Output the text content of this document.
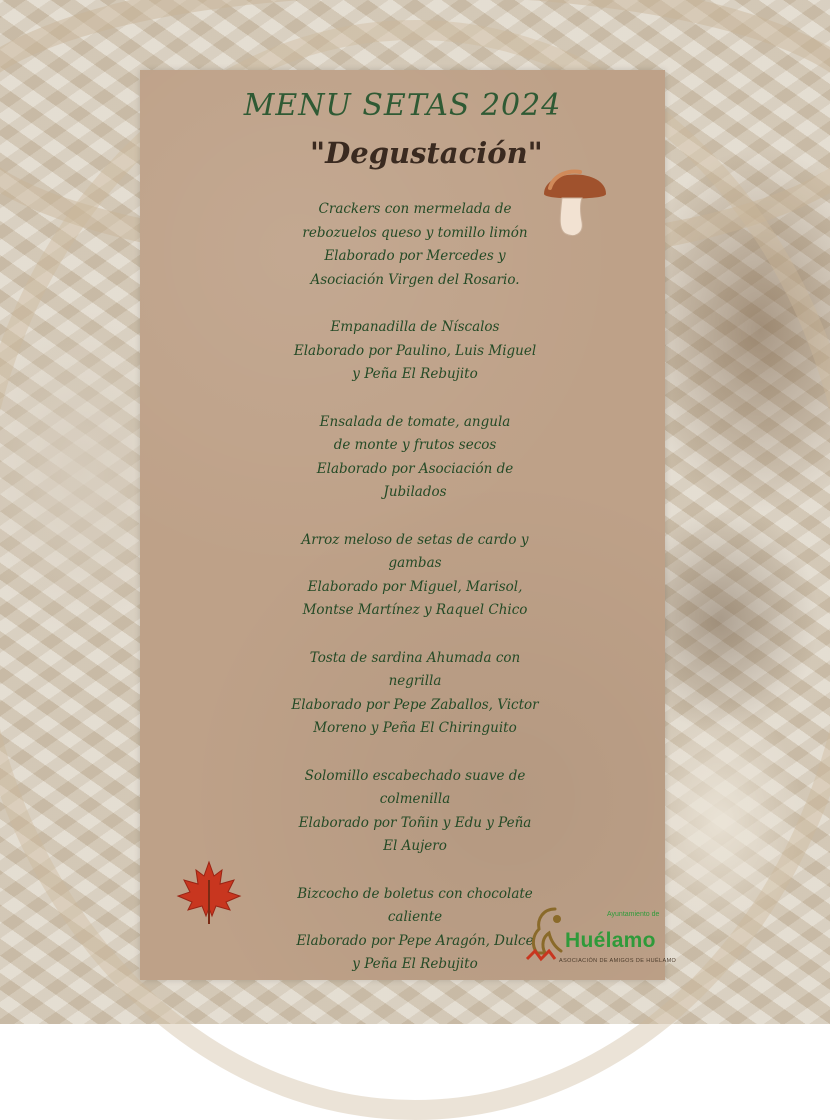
MENU SETAS 2024
"Degustación"
Crackers con mermelada de
rebozuelos queso y tomillo limón
Elaborado por Mercedes y
Asociación Virgen del Rosario.
Empanadilla de Níscalos
Elaborado por Paulino, Luis Miguel
y Peña El Rebujito
Ensalada de tomate, angula
de monte y frutos secos
Elaborado por Asociación de
Jubilados
Arroz meloso de setas de cardo y
gambas
Elaborado por Miguel, Marisol,
Montse Martínez y Raquel Chico
Tosta de sardina Ahumada con
negrilla
Elaborado por Pepe Zaballos, Victor
Moreno y Peña El Chiringuito
Solomillo escabechado suave de
colmenilla
Elaborado por Toñin y Edu y Peña
El Aujero
Bizcocho de boletus con chocolate
caliente
Elaborado por Pepe Aragón, Dulce
y Peña El Rebujito
Ayuntamiento de
Huélamo
ASOCIACIÓN DE AMIGOS DE HUÉLAMO
